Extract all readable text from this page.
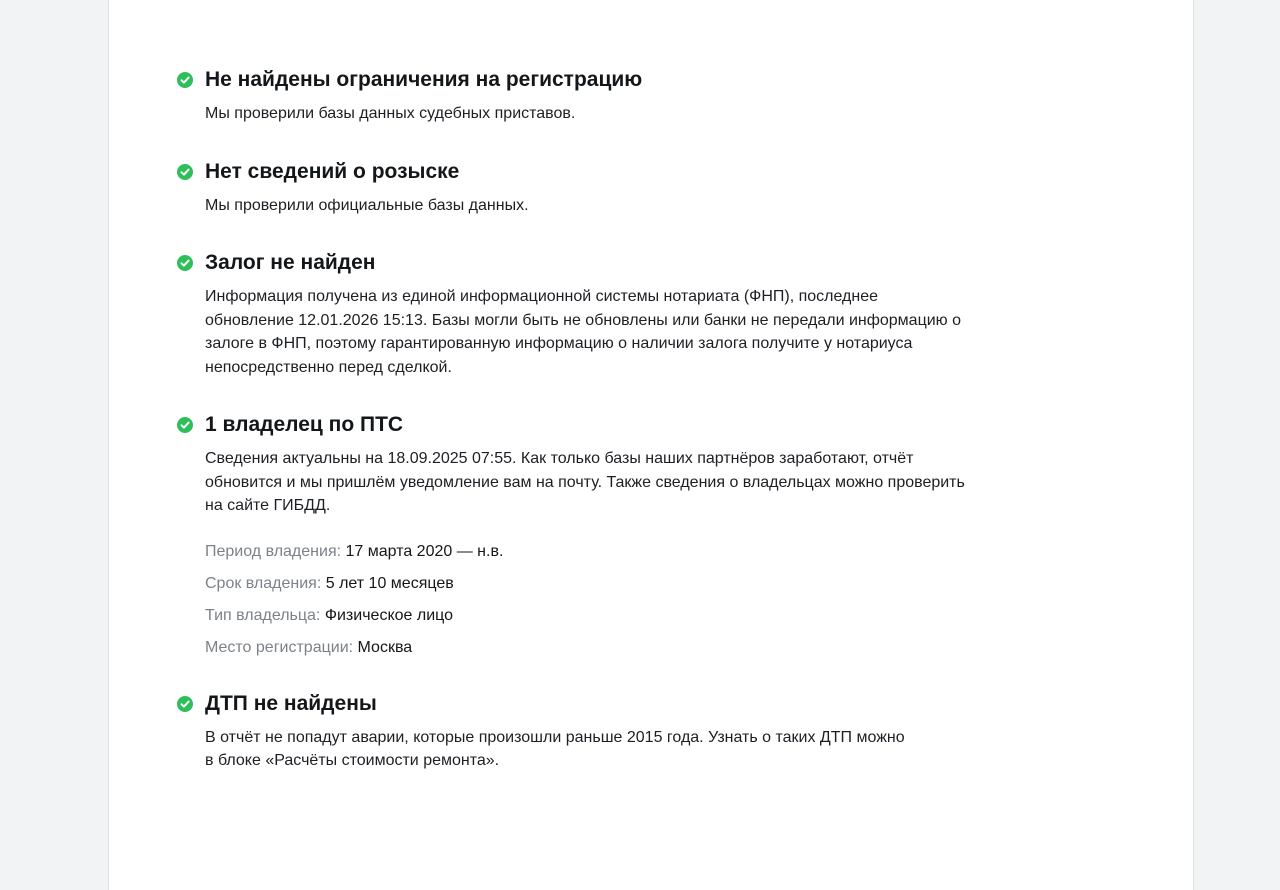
Не найдены ограничения на регистрацию
Мы проверили базы данных судебных приставов.
Нет сведений о розыске
Мы проверили официальные базы данных.
Залог не найден
Информация получена из единой информационной системы нотариата (ФНП), последнее
обновление 12.01.2026 15:13. Базы могли быть не обновлены или банки не передали информацию о
залоге в ФНП, поэтому гарантированную информацию о наличии залога получите у нотариуса
непосредственно перед сделкой.
1 владелец по ПТС
Сведения актуальны на 18.09.2025 07:55. Как только базы наших партнёров заработают, отчёт
обновится и мы пришлём уведомление вам на почту. Также сведения о владельцах можно проверить
на сайте ГИБДД.
Период владения: 17 марта 2020 — н.в.
Срок владения: 5 лет 10 месяцев
Тип владельца: Физическое лицо
Место регистрации: Москва
ДТП не найдены
В отчёт не попадут аварии, которые произошли раньше 2015 года. Узнать о таких ДТП можно
в блоке «Расчёты стоимости ремонта».
